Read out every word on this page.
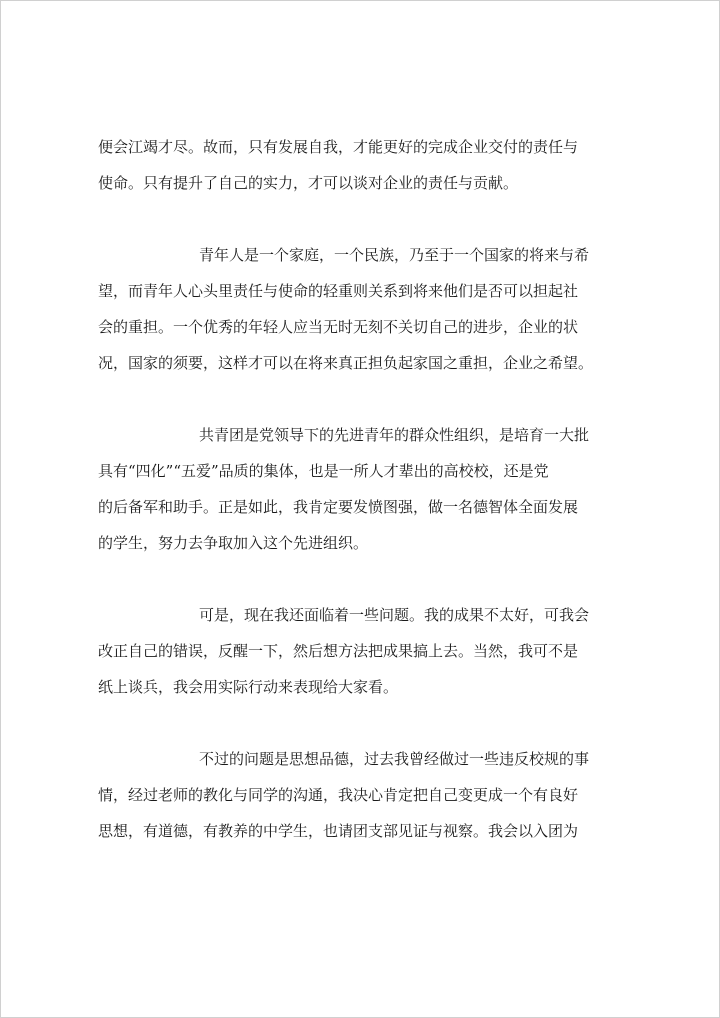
便会江竭才尽。故而，只有发展自我，才能更好的完成企业交付的责任与
使命。只有提升了自己的实力，才可以谈对企业的责任与贡献。
青年人是一个家庭，一个民族，乃至于一个国家的将来与希
望，而青年人心头里责任与使命的轻重则关系到将来他们是否可以担起社
会的重担。一个优秀的年轻人应当无时无刻不关切自己的进步，企业的状
况，国家的须要，这样才可以在将来真正担负起家国之重担，企业之希望。
共青团是党领导下的先进青年的群众性组织，是培育一大批
具有“四化”“五爱”品质的集体，也是一所人才辈出的高校校，还是党
的后备军和助手。正是如此，我肯定要发愤图强，做一名德智体全面发展
的学生，努力去争取加入这个先进组织。
可是，现在我还面临着一些问题。我的成果不太好，可我会
改正自己的错误，反醒一下，然后想方法把成果搞上去。当然，我可不是
纸上谈兵，我会用实际行动来表现给大家看。
不过的问题是思想品德，过去我曾经做过一些违反校规的事
情，经过老师的教化与同学的沟通，我决心肯定把自己变更成一个有良好
思想，有道德，有教养的中学生，也请团支部见证与视察。我会以入团为
